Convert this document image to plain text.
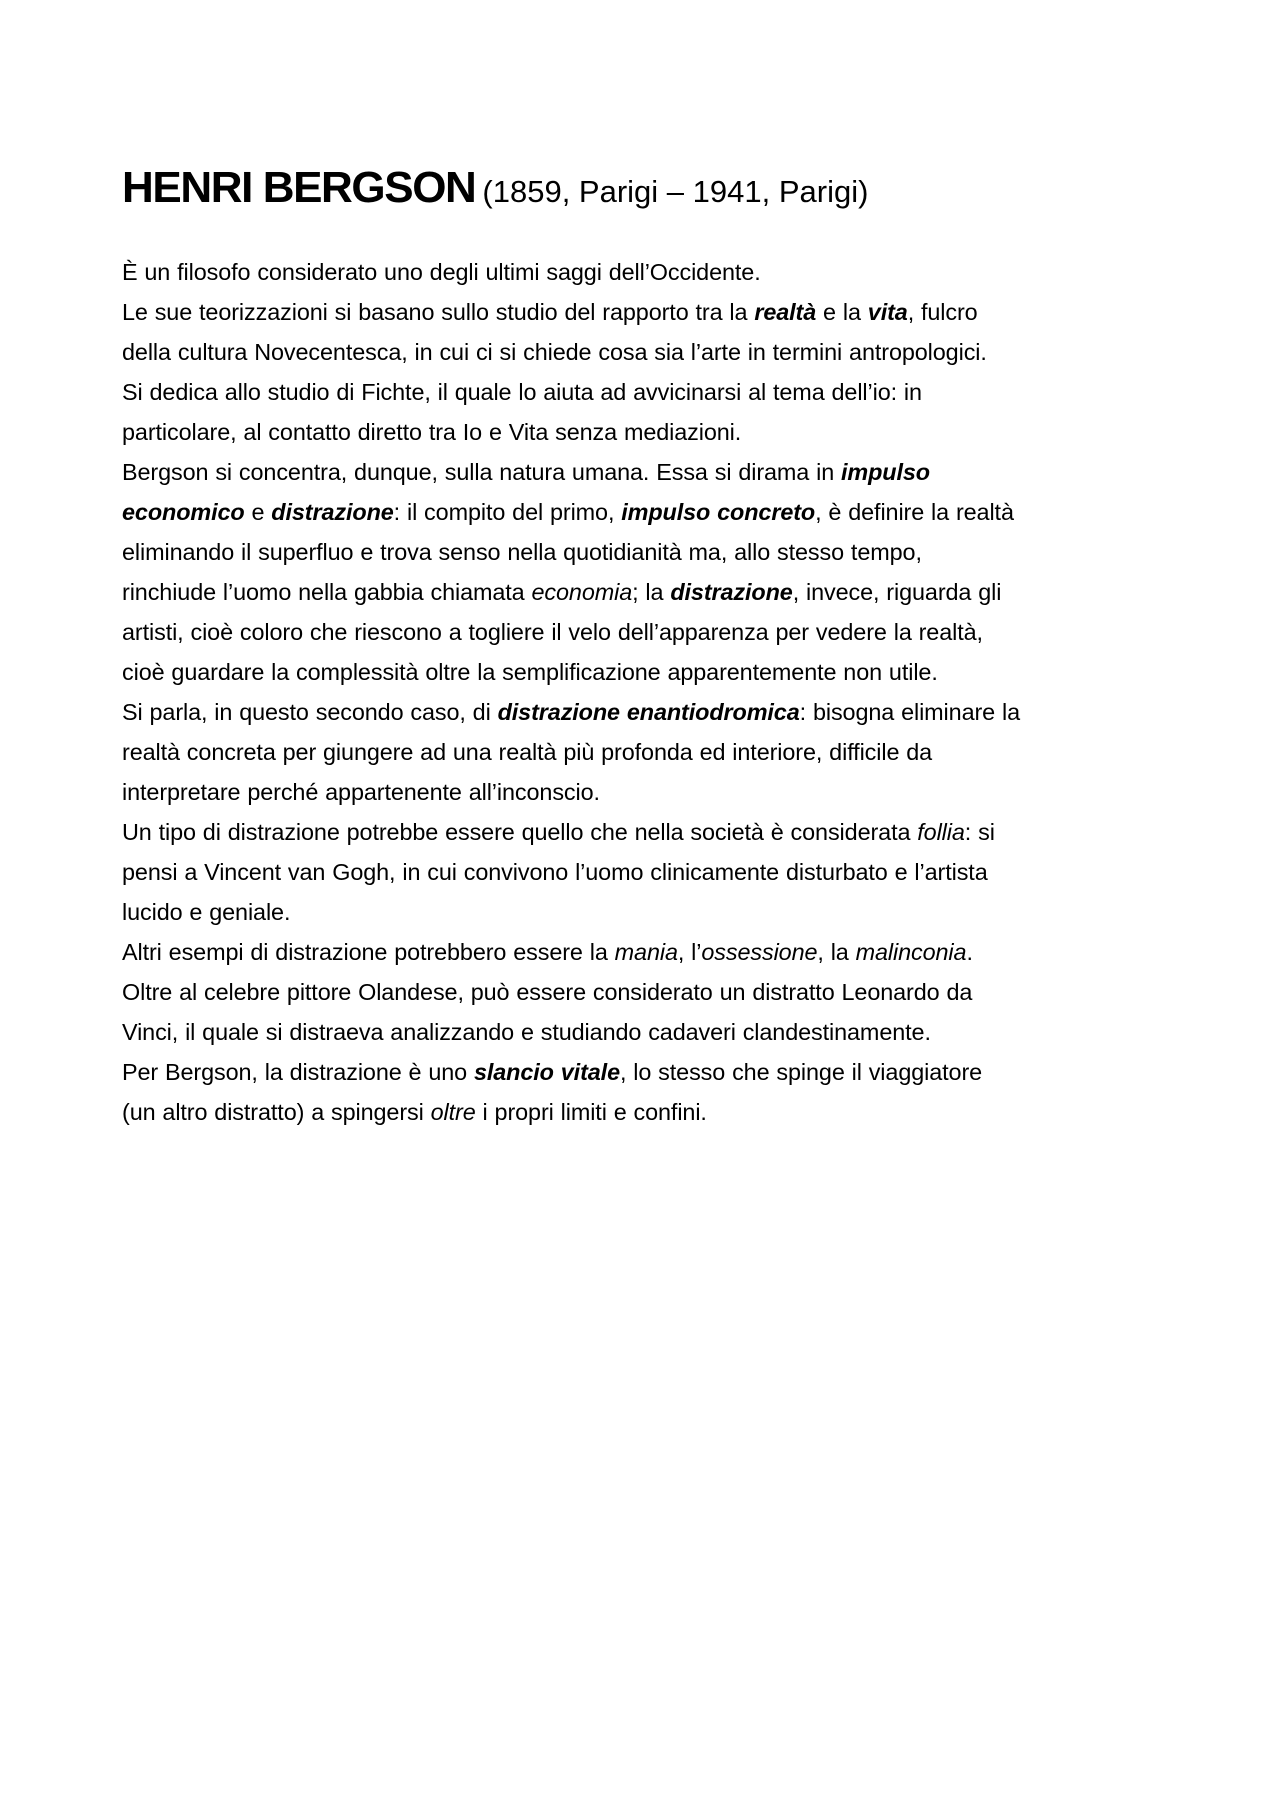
HENRI BERGSON (1859, Parigi – 1941, Parigi)
È un filosofo considerato uno degli ultimi saggi dell’Occidente.
Le sue teorizzazioni si basano sullo studio del rapporto tra la realtà e la vita, fulcro
della cultura Novecentesca, in cui ci si chiede cosa sia l’arte in termini antropologici.
Si dedica allo studio di Fichte, il quale lo aiuta ad avvicinarsi al tema dell’io: in
particolare, al contatto diretto tra Io e Vita senza mediazioni.
Bergson si concentra, dunque, sulla natura umana. Essa si dirama in impulso
economico e distrazione: il compito del primo, impulso concreto, è definire la realtà
eliminando il superfluo e trova senso nella quotidianità ma, allo stesso tempo,
rinchiude l’uomo nella gabbia chiamata economia; la distrazione, invece, riguarda gli
artisti, cioè coloro che riescono a togliere il velo dell’apparenza per vedere la realtà,
cioè guardare la complessità oltre la semplificazione apparentemente non utile.
Si parla, in questo secondo caso, di distrazione enantiodromica: bisogna eliminare la
realtà concreta per giungere ad una realtà più profonda ed interiore, difficile da
interpretare perché appartenente all’inconscio.
Un tipo di distrazione potrebbe essere quello che nella società è considerata follia: si
pensi a Vincent van Gogh, in cui convivono l’uomo clinicamente disturbato e l’artista
lucido e geniale.
Altri esempi di distrazione potrebbero essere la mania, l’ossessione, la malinconia.
Oltre al celebre pittore Olandese, può essere considerato un distratto Leonardo da
Vinci, il quale si distraeva analizzando e studiando cadaveri clandestinamente.
Per Bergson, la distrazione è uno slancio vitale, lo stesso che spinge il viaggiatore
(un altro distratto) a spingersi oltre i propri limiti e confini.
